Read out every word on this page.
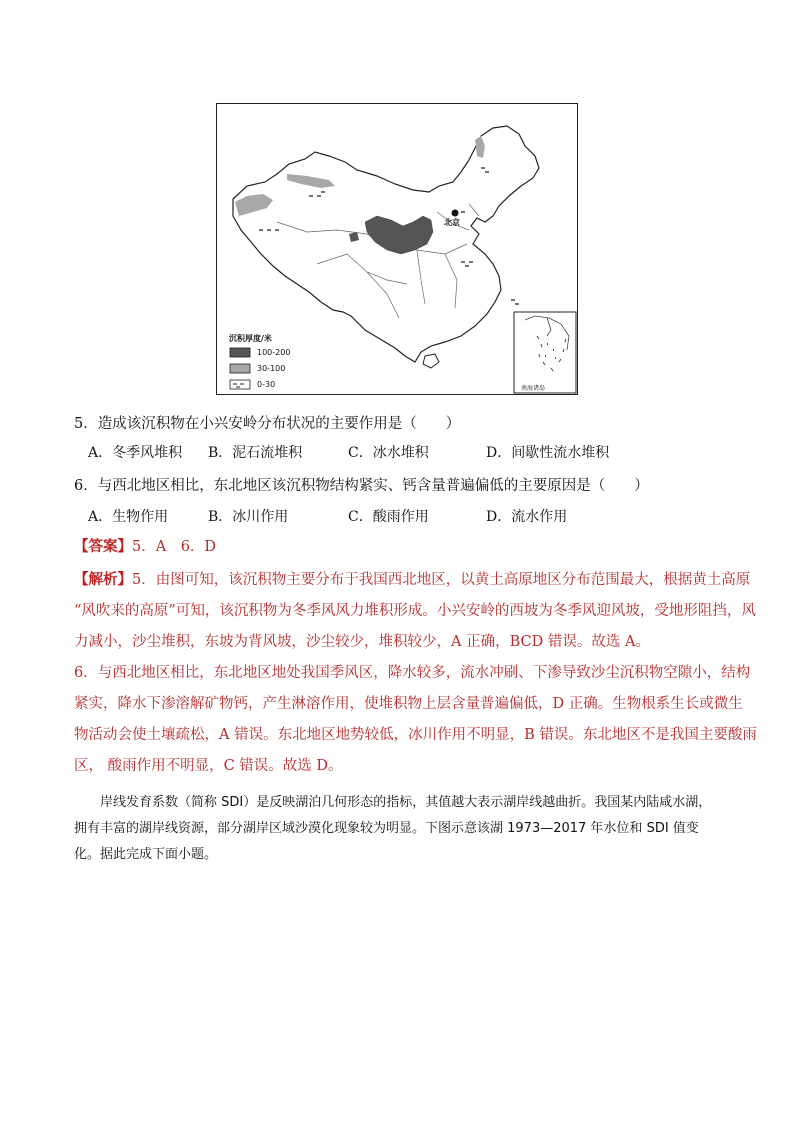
北京
沉积厚度/米
100-200
30-100
0-30	南海诸岛
5．造成该沉积物在小兴安岭分布状况的主要作用是（　　）
A．冬季风堆积 B．泥石流堆积	C．冰水堆积	D．间歇性流水堆积
6．与西北地区相比，东北地区该沉积物结构紧实、钙含量普遍偏低的主要原因是（　　）
A．生物作用	B．冰川作用	C．酸雨作用	D．流水作用
【答案】5．A　6．D
【解析】5．由图可知，该沉积物主要分布于我国西北地区，以黄土高原地区分布范围最大，根据黄土高原
“风吹来的高原”可知，该沉积物为冬季风风力堆积形成。小兴安岭的西坡为冬季风迎风坡，受地形阻挡，风
力减小，沙尘堆积，东坡为背风坡，沙尘较少，堆积较少，A 正确，BCD 错误。故选 A。
6．与西北地区相比，东北地区地处我国季风区，降水较多，流水冲刷、下渗导致沙尘沉积物空隙小，结构
紧实，降水下渗溶解矿物钙，产生淋溶作用，使堆积物上层含量普遍偏低，D 正确。生物根系生长或微生
物活动会使土壤疏松，A 错误。东北地区地势较低，冰川作用不明显，B 错误。东北地区不是我国主要酸雨
区， 酸雨作用不明显，C 错误。故选 D。

岸线发育系数（简称 SDI）是反映湖泊几何形态的指标，其值越大表示湖岸线越曲折。我国某内陆咸水湖，拥有丰富的湖岸线资源，部分湖岸区域沙漠化现象较为明显。下图示意该湖 1973—2017 年水位和 SDI 值变化。据此完成下面小题。
